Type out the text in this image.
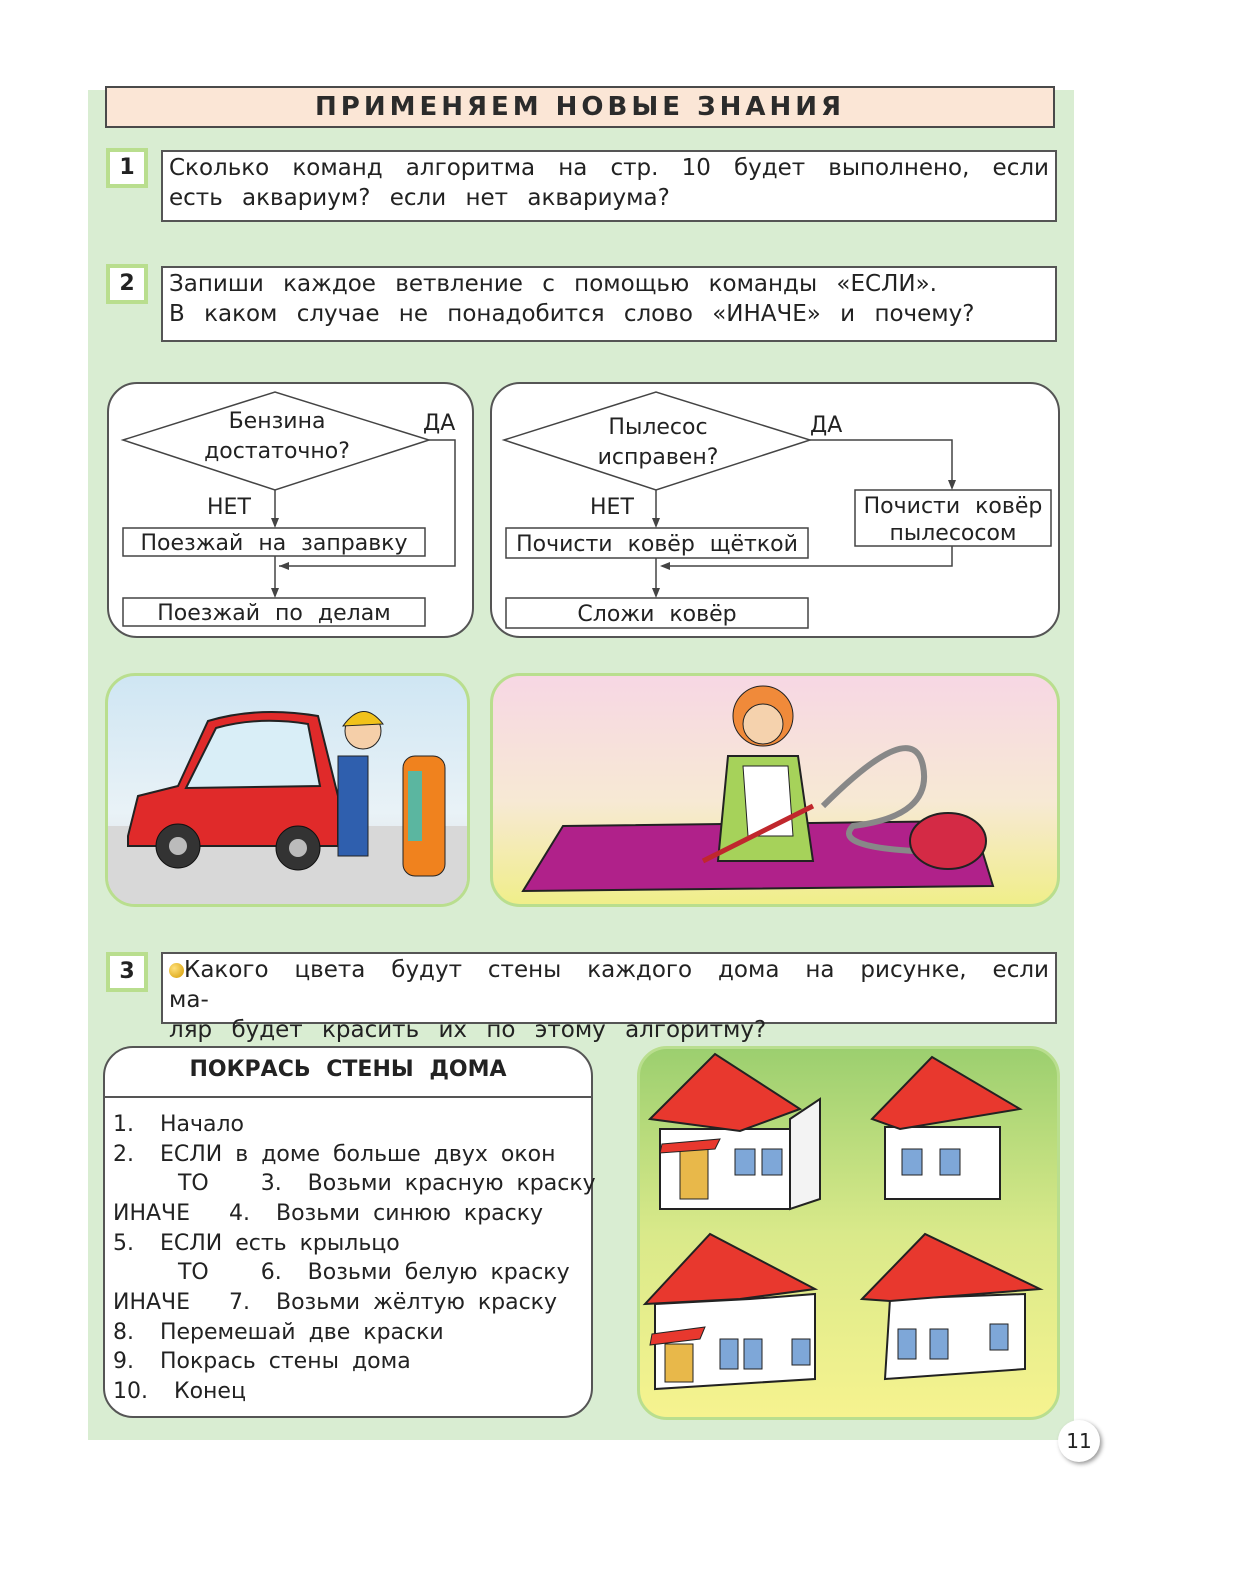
ПРИМЕНЯЕМ НОВЫЕ ЗНАНИЯ
1	Сколько команд алгоритма на стр. 10 будет выполнено, если
есть аквариум? если нет аквариума?
2	Запиши каждое ветвление с помощью команды «ЕСЛИ».
В каком случае не понадобится слово «ИНАЧЕ» и почему?
Бензина
достаточно?
ДА
НЕТ
Поезжай на заправку
Поезжай по делам
Пылесос
исправен?
ДА
НЕТ	Почисти ковёр
пылесосом
Почисти ковёр щёткой
Сложи ковёр
3	Какого цвета будут стены каждого дома на рисунке, если ма-
ляр будет красить их по этому алгоритму?
ПОКРАСЬ СТЕНЫ ДОМА
1.  Начало
2.  ЕСЛИ в доме больше двух окон
ТО    3.  Возьми красную краску
ИНАЧЕ   4.  Возьми синюю краску
5.  ЕСЛИ есть крыльцо
ТО    6.  Возьми белую краску
ИНАЧЕ   7.  Возьми жёлтую краску
8.  Перемешай две краски
9.  Покрась стены дома
10.  Конец
11
